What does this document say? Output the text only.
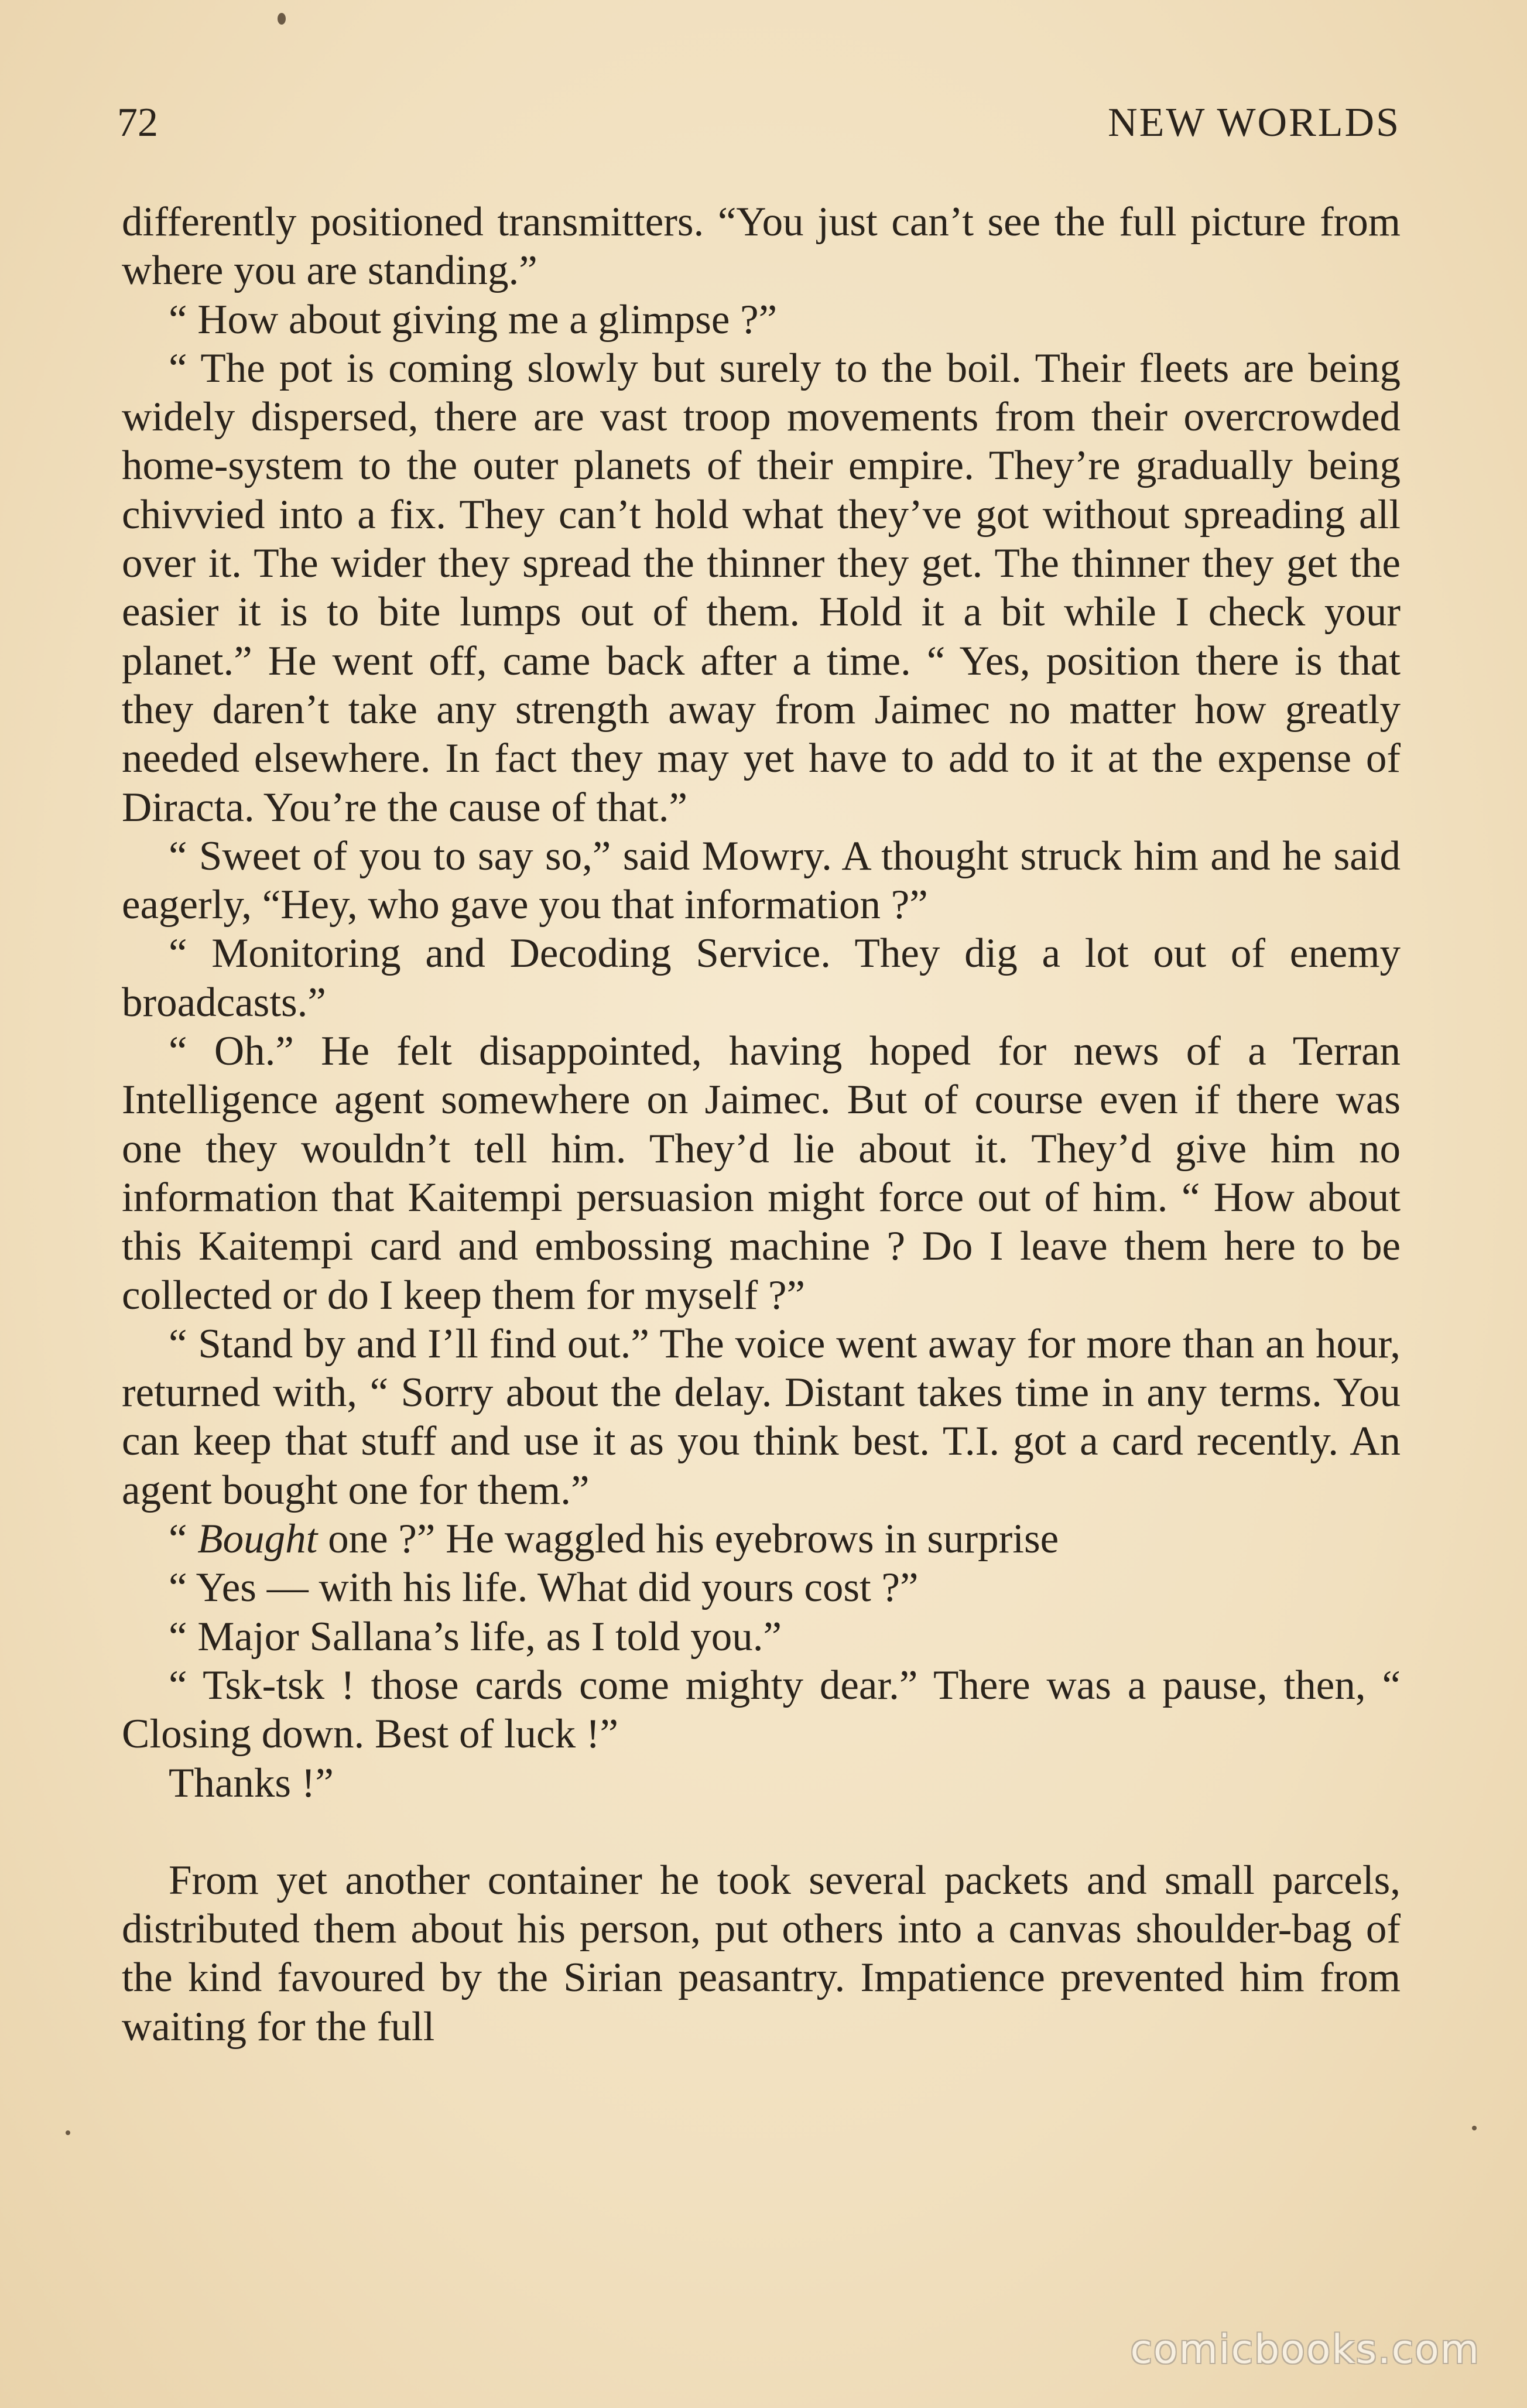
72	NEW WORLDS

differently positioned transmitters. “You just can’t see the full picture from where you are standing.”

“ How about giving me a glimpse ?”

“ The pot is coming slowly but surely to the boil. Their fleets are being widely dispersed, there are vast troop movements from their overcrowded home-system to the outer planets of their empire. They’re gradually being chivvied into a fix. They can’t hold what they’ve got without spreading all over it. The wider they spread the thinner they get. The thinner they get the easier it is to bite lumps out of them. Hold it a bit while I check your planet.” He went off, came back after a time. “ Yes, position there is that they daren’t take any strength away from Jaimec no matter how greatly needed elsewhere. In fact they may yet have to add to it at the expense of Diracta. You’re the cause of that.”

“ Sweet of you to say so,” said Mowry. A thought struck him and he said eagerly, “Hey, who gave you that information ?”

“ Monitoring and Decoding Service. They dig a lot out of enemy broadcasts.”

“ Oh.” He felt disappointed, having hoped for news of a Terran Intelligence agent somewhere on Jaimec. But of course even if there was one they wouldn’t tell him. They’d lie about it. They’d give him no information that Kaitempi persuasion might force out of him. “ How about this Kaitempi card and embossing machine ? Do I leave them here to be collected or do I keep them for myself ?”

“ Stand by and I’ll find out.” The voice went away for more than an hour, returned with, “ Sorry about the delay. Distant takes time in any terms. You can keep that stuff and use it as you think best. T.I. got a card recently. An agent bought one for them.”

“ Bought one ?” He waggled his eyebrows in surprise

“ Yes — with his life. What did yours cost ?”

“ Major Sallana’s life, as I told you.”

“ Tsk-tsk ! those cards come mighty dear.” There was a pause, then, “ Closing down. Best of luck !”

Thanks !”

From yet another container he took several packets and small parcels, distributed them about his person, put others into a canvas shoulder-bag of the kind favoured by the Sirian peasantry. Impatience prevented him from waiting for the full

comicbooks.com
